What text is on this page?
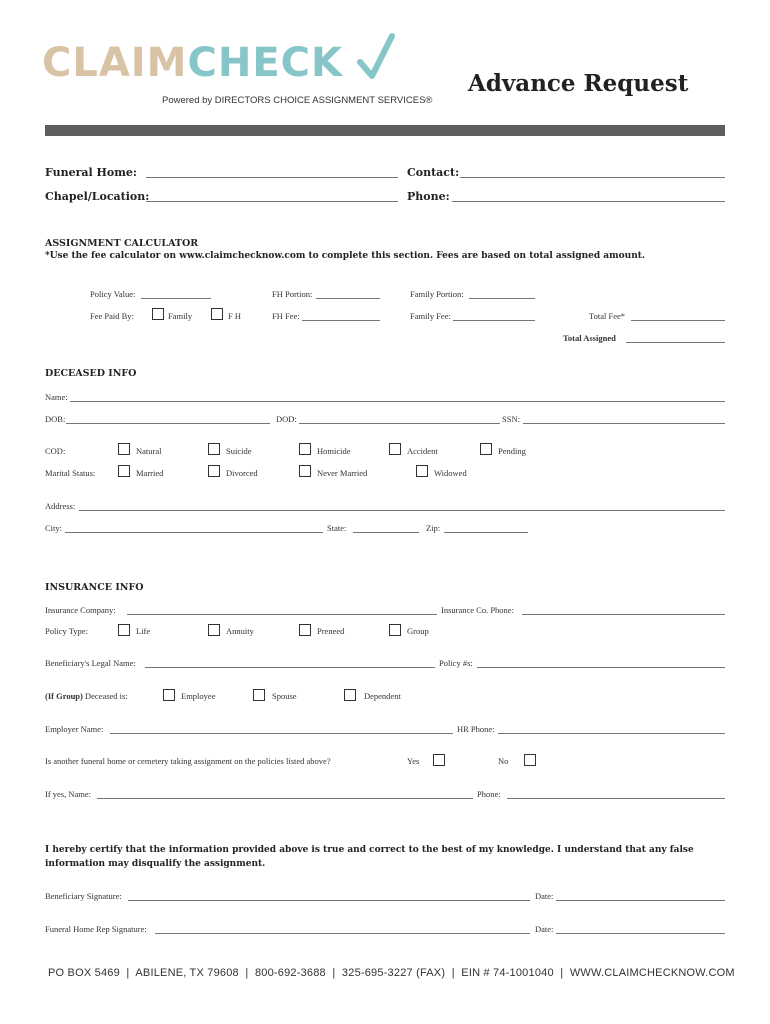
CLAIMCHECK
Powered by DIRECTORS CHOICE ASSIGNMENT SERVICES®
Advance Request
Funeral Home:	Contact:
Chapel/Location:	Phone:
ASSIGNMENT CALCULATOR
*Use the fee calculator on www.claimchecknow.com to complete this section. Fees are based on total assigned amount.
Policy Value:	FH Portion:	Family Portion:
Fee Paid By:	Family	F H	FH Fee:	Family Fee:	Total Fee*
Total Assigned
DECEASED INFO
Name:
DOB:	DOD:	SSN:
COD:	Natural	Suicide	Homicide	Accident	Pending
Marital Status:	Married	Divorced	Never Married	Widowed
Address:
City:	State:	Zip:
INSURANCE INFO
Insurance Company:	Insurance Co. Phone:
Policy Type:	Life	Annuity	Preneed	Group
Beneficiary's Legal Name:	Policy #s:
(If Group) Deceased is:	Employee	Spouse	Dependent
Employer Name:	HR Phone:
Is another funeral home or cemetery taking assignment on the policies listed above?	Yes	No
If yes, Name:	Phone:
I hereby certify that the information provided above is true and correct to the best of my knowledge. I understand that any false information may disqualify the assignment.
Beneficiary Signature:	Date:
Funeral Home Rep Signature:	Date:
PO BOX 5469  |  ABILENE, TX 79608  |  800-692-3688  |  325-695-3227 (FAX)  |  EIN # 74-1001040  |  WWW.CLAIMCHECKNOW.COM
